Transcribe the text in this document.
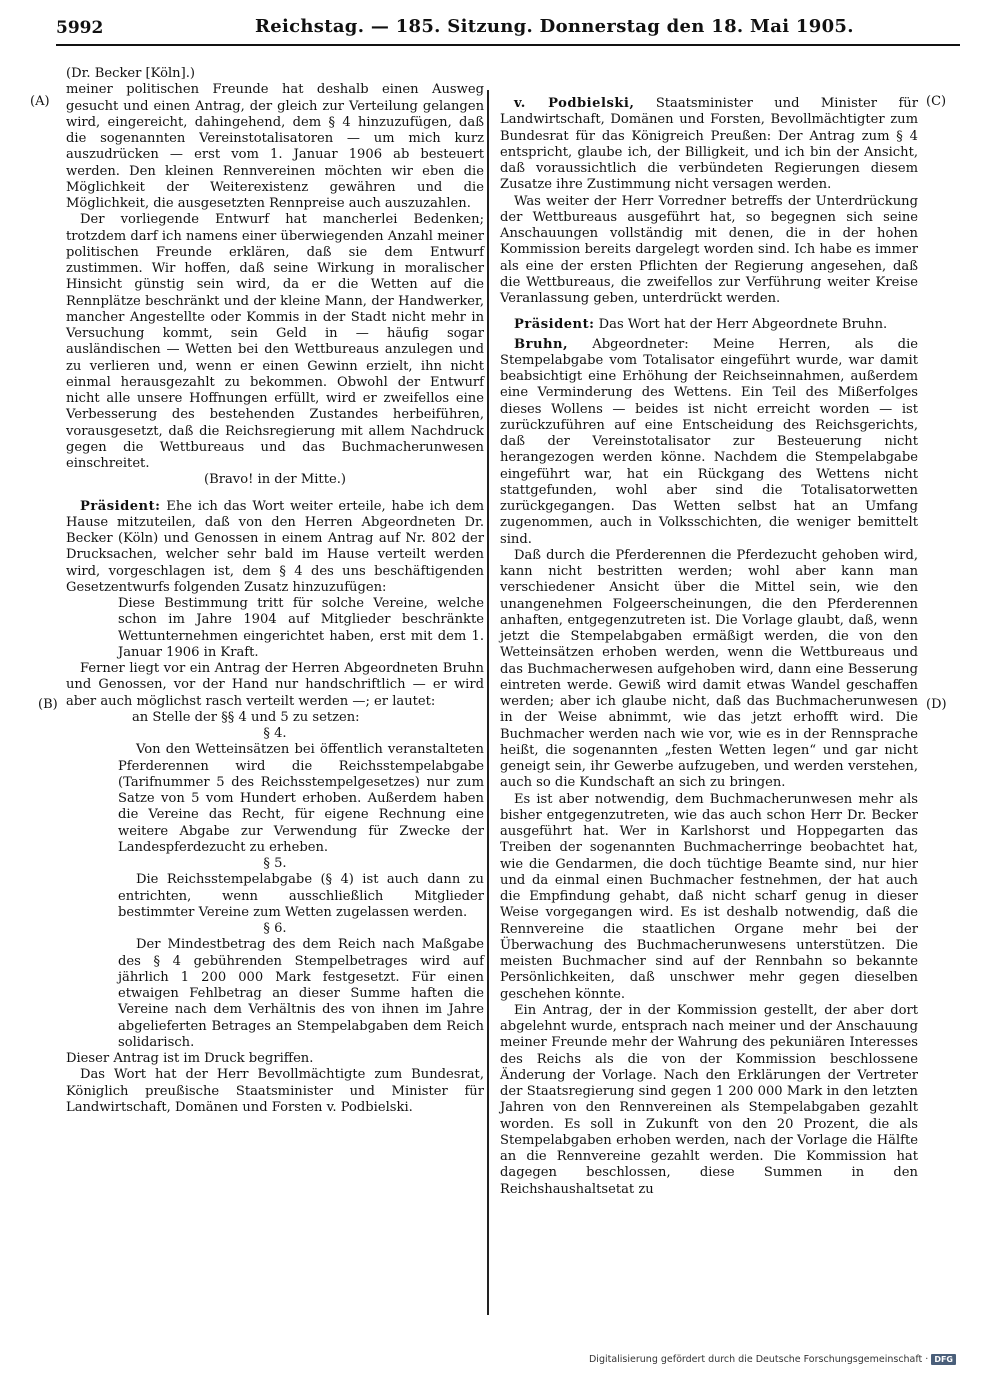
5992	Reichstag. — 185. Sitzung. Donnerstag den 18. Mai 1905.
(A)
(B)
(C)
(D)

(Dr. Becker [Köln].)

meiner politischen Freunde hat deshalb einen Ausweg gesucht und einen Antrag, der gleich zur Verteilung gelangen wird, eingereicht, dahingehend, dem § 4 hinzuzufügen, daß die sogenannten Vereinstotalisatoren — um mich kurz auszudrücken — erst vom 1. Januar 1906 ab besteuert werden. Den kleinen Rennvereinen möchten wir eben die Möglichkeit der Weiterexistenz gewähren und die Möglichkeit, die ausgesetzten Rennpreise auch auszuzahlen.

Der vorliegende Entwurf hat mancherlei Bedenken; trotzdem darf ich namens einer überwiegenden Anzahl meiner politischen Freunde erklären, daß sie dem Entwurf zustimmen. Wir hoffen, daß seine Wirkung in moralischer Hinsicht günstig sein wird, da er die Wetten auf die Rennplätze beschränkt und der kleine Mann, der Handwerker, mancher Angestellte oder Kommis in der Stadt nicht mehr in Versuchung kommt, sein Geld in — häufig sogar ausländischen — Wetten bei den Wettbureaus anzulegen und zu verlieren und, wenn er einen Gewinn erzielt, ihn nicht einmal herausgezahlt zu bekommen. Obwohl der Entwurf nicht alle unsere Hoffnungen erfüllt, wird er zweifellos eine Verbesserung des bestehenden Zustandes herbeiführen, vorausgesetzt, daß die Reichsregierung mit allem Nachdruck gegen die Wettbureaus und das Buchmacherunwesen einschreitet.

(Bravo! in der Mitte.)

Präsident: Ehe ich das Wort weiter erteile, habe ich dem Hause mitzuteilen, daß von den Herren Abgeordneten Dr. Becker (Köln) und Genossen in einem Antrag auf Nr. 802 der Drucksachen, welcher sehr bald im Hause verteilt werden wird, vorgeschlagen ist, dem § 4 des uns beschäftigenden Gesetzentwurfs folgenden Zusatz hinzuzufügen:

Diese Bestimmung tritt für solche Vereine, welche schon im Jahre 1904 auf Mitglieder beschränkte Wettunternehmen eingerichtet haben, erst mit dem 1. Januar 1906 in Kraft.

Ferner liegt vor ein Antrag der Herren Abgeordneten Bruhn und Genossen, vor der Hand nur handschriftlich — er wird aber auch möglichst rasch verteilt werden —; er lautet:

an Stelle der §§ 4 und 5 zu setzen:

§ 4.

Von den Wetteinsätzen bei öffentlich veranstalteten Pferderennen wird die Reichsstempelabgabe (Tarifnummer 5 des Reichsstempelgesetzes) nur zum Satze von 5 vom Hundert erhoben. Außerdem haben die Vereine das Recht, für eigene Rechnung eine weitere Abgabe zur Verwendung für Zwecke der Landespferdezucht zu erheben.

§ 5.

Die Reichsstempelabgabe (§ 4) ist auch dann zu entrichten, wenn ausschließlich Mitglieder bestimmter Vereine zum Wetten zugelassen werden.

§ 6.

Der Mindestbetrag des dem Reich nach Maßgabe des § 4 gebührenden Stempelbetrages wird auf jährlich 1 200 000 Mark festgesetzt. Für einen etwaigen Fehlbetrag an dieser Summe haften die Vereine nach dem Verhältnis des von ihnen im Jahre abgelieferten Betrages an Stempelabgaben dem Reich solidarisch.

Dieser Antrag ist im Druck begriffen.

Das Wort hat der Herr Bevollmächtigte zum Bundesrat, Königlich preußische Staatsminister und Minister für Landwirtschaft, Domänen und Forsten v. Podbielski.

v. Podbielski, Staatsminister und Minister für Landwirtschaft, Domänen und Forsten, Bevollmächtigter zum Bundesrat für das Königreich Preußen: Der Antrag zum § 4 entspricht, glaube ich, der Billigkeit, und ich bin der Ansicht, daß voraussichtlich die verbündeten Regierungen diesem Zusatze ihre Zustimmung nicht versagen werden.

Was weiter der Herr Vorredner betreffs der Unterdrückung der Wettbureaus ausgeführt hat, so begegnen sich seine Anschauungen vollständig mit denen, die in der hohen Kommission bereits dargelegt worden sind. Ich habe es immer als eine der ersten Pflichten der Regierung angesehen, daß die Wettbureaus, die zweifellos zur Verführung weiter Kreise Veranlassung geben, unterdrückt werden.

Präsident: Das Wort hat der Herr Abgeordnete Bruhn.

Bruhn, Abgeordneter: Meine Herren, als die Stempelabgabe vom Totalisator eingeführt wurde, war damit beabsichtigt eine Erhöhung der Reichseinnahmen, außerdem eine Verminderung des Wettens. Ein Teil des Mißerfolges dieses Wollens — beides ist nicht erreicht worden — ist zurückzuführen auf eine Entscheidung des Reichsgerichts, daß der Vereinstotalisator zur Besteuerung nicht herangezogen werden könne. Nachdem die Stempelabgabe eingeführt war, hat ein Rückgang des Wettens nicht stattgefunden, wohl aber sind die Totalisatorwetten zurückgegangen. Das Wetten selbst hat an Umfang zugenommen, auch in Volksschichten, die weniger bemittelt sind.

Daß durch die Pferderennen die Pferdezucht gehoben wird, kann nicht bestritten werden; wohl aber kann man verschiedener Ansicht über die Mittel sein, wie den unangenehmen Folgeerscheinungen, die den Pferderennen anhaften, entgegenzutreten ist. Die Vorlage glaubt, daß, wenn jetzt die Stempelabgaben ermäßigt werden, die von den Wetteinsätzen erhoben werden, wenn die Wettbureaus und das Buchmacherwesen aufgehoben wird, dann eine Besserung eintreten werde. Gewiß wird damit etwas Wandel geschaffen werden; aber ich glaube nicht, daß das Buchmacherunwesen in der Weise abnimmt, wie das jetzt erhofft wird. Die Buchmacher werden nach wie vor, wie es in der Rennsprache heißt, die sogenannten „festen Wetten legen“ und gar nicht geneigt sein, ihr Gewerbe aufzugeben, und werden verstehen, auch so die Kundschaft an sich zu bringen.

Es ist aber notwendig, dem Buchmacherunwesen mehr als bisher entgegenzutreten, wie das auch schon Herr Dr. Becker ausgeführt hat. Wer in Karlshorst und Hoppegarten das Treiben der sogenannten Buchmacherringe beobachtet hat, wie die Gendarmen, die doch tüchtige Beamte sind, nur hier und da einmal einen Buchmacher festnehmen, der hat auch die Empfindung gehabt, daß nicht scharf genug in dieser Weise vorgegangen wird. Es ist deshalb notwendig, daß die Rennvereine die staatlichen Organe mehr bei der Überwachung des Buchmacherunwesens unterstützen. Die meisten Buchmacher sind auf der Rennbahn so bekannte Persönlichkeiten, daß unschwer mehr gegen dieselben geschehen könnte.

Ein Antrag, der in der Kommission gestellt, der aber dort abgelehnt wurde, entsprach nach meiner und der Anschauung meiner Freunde mehr der Wahrung des pekuniären Interesses des Reichs als die von der Kommission beschlossene Änderung der Vorlage. Nach den Erklärungen der Vertreter der Staatsregierung sind gegen 1 200 000 Mark in den letzten Jahren von den Rennvereinen als Stempelabgaben gezahlt worden. Es soll in Zukunft von den 20 Prozent, die als Stempelabgaben erhoben werden, nach der Vorlage die Hälfte an die Rennvereine gezahlt werden. Die Kommission hat dagegen beschlossen, diese Summen in den Reichshaushaltsetat zu

Digitalisierung gefördert durch die Deutsche Forschungsgemeinschaft · DFG
